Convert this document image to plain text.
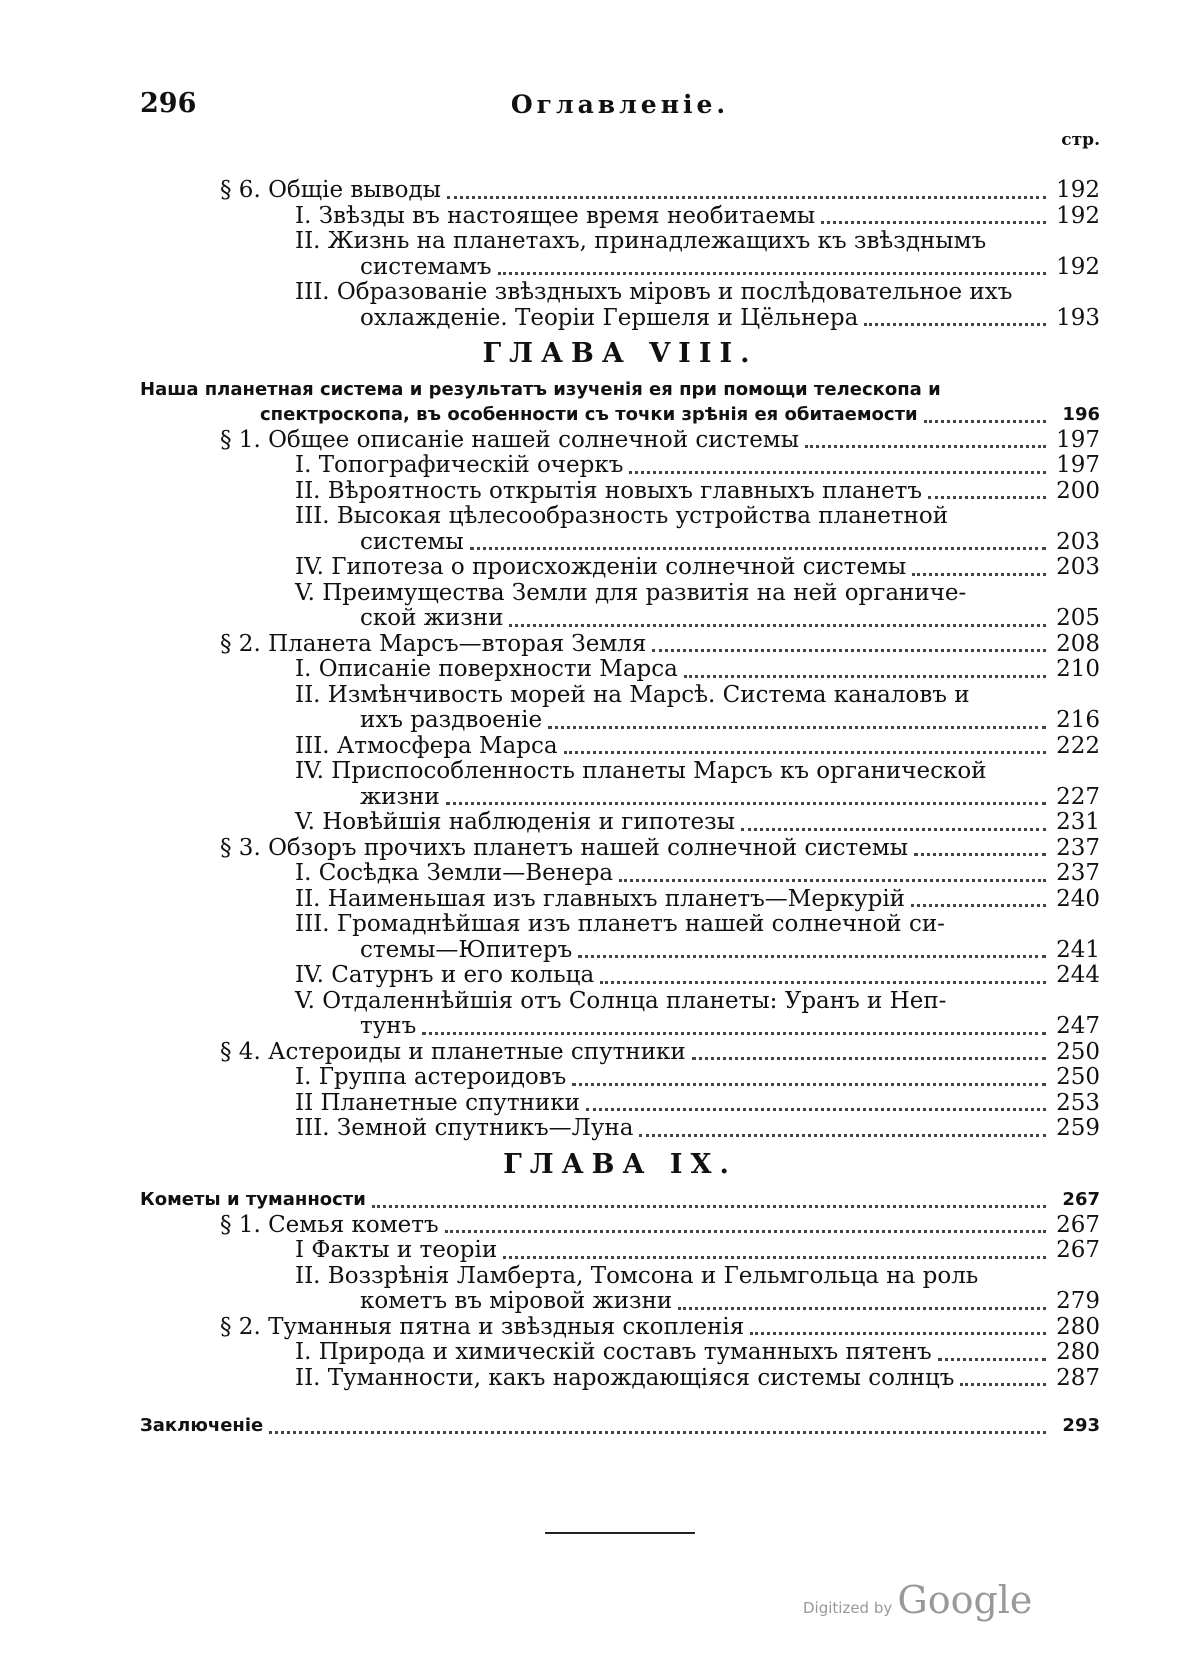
296	Оглавленіе.
стр.
§ 6. Общіе выводы	192
I. Звѣзды въ настоящее время необитаемы	192
II. Жизнь на планетахъ, принадлежащихъ къ звѣзднымъ
системамъ	192
III. Образованіе звѣздныхъ міровъ и послѣдовательное ихъ
охлажденіе. Теоріи Гершеля и Цёльнера	193
ГЛАВА VIII.
Наша планетная система и результатъ изученія ея при помощи телескопа и
спектроскопа, въ особенности съ точки зрѣнія ея обитаемости	196
§ 1. Общее описаніе нашей солнечной системы	197
I. Топографическій очеркъ	197
II. Вѣроятность открытія новыхъ главныхъ планетъ	200
III. Высокая цѣлесообразность устройства планетной
системы	203
IV. Гипотеза о происхожденіи солнечной системы	203
V. Преимущества Земли для развитія на ней органиче-
ской жизни	205
§ 2. Планета Марсъ—вторая Земля	208
I. Описаніе поверхности Марса	210
II. Измѣнчивость морей на Марсѣ. Система каналовъ и
ихъ раздвоеніе	216
III. Атмосфера Марса	222
IV. Приспособленность планеты Марсъ къ органической
жизни	227
V. Новѣйшія наблюденія и гипотезы	231
§ 3. Обзоръ прочихъ планетъ нашей солнечной системы	237
I. Сосѣдка Земли—Венера	237
II. Наименьшая изъ главныхъ планетъ—Меркурій	240
III. Громаднѣйшая изъ планетъ нашей солнечной си-
стемы—Юпитеръ	241
IV. Сатурнъ и его кольца	244
V. Отдаленнѣйшія отъ Солнца планеты: Уранъ и Неп-
тунъ	247
§ 4. Астероиды и планетные спутники	250
I. Группа астероидовъ	250
II Планетные спутники	253
III. Земной спутникъ—Луна	259
ГЛАВА IX.
Кометы и туманности	267
§ 1. Семья кометъ	267
I Факты и теоріи	267
II. Воззрѣнія Ламберта, Томсона и Гельмгольца на роль
кометъ въ міровой жизни	279
§ 2. Туманныя пятна и звѣздныя скопленія	280
I. Природа и химическій составъ туманныхъ пятенъ	280
II. Туманности, какъ нарождающіяся системы солнцъ	287
Заключеніе	293
Digitized by Google
